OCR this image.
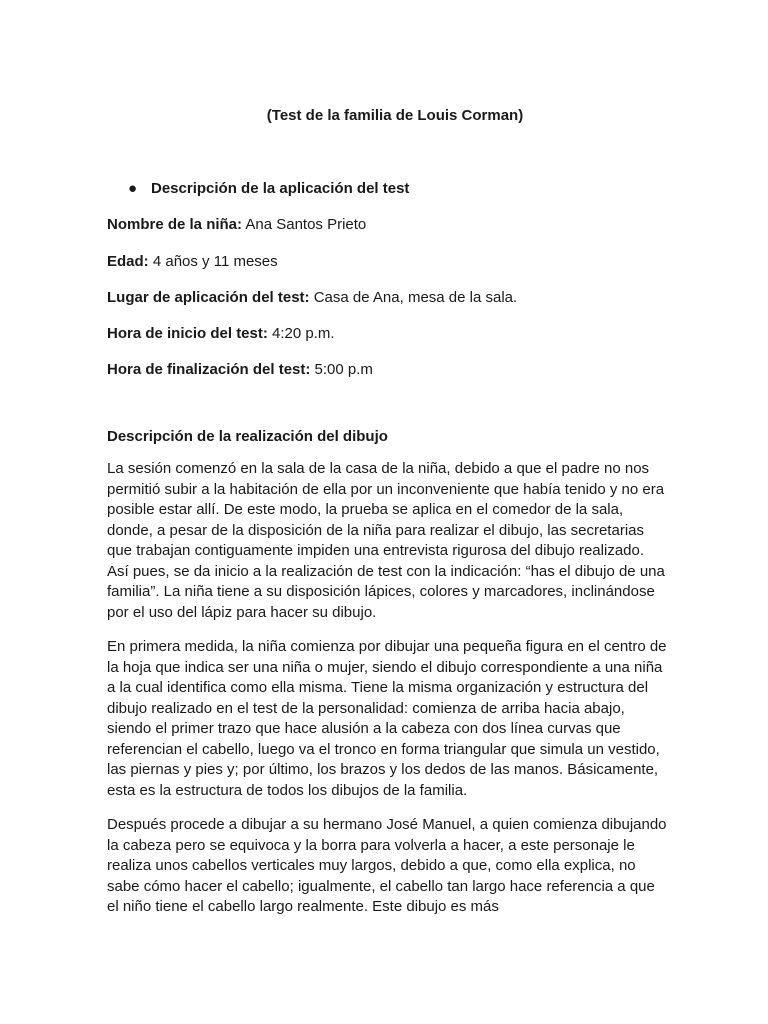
(Test de la familia de Louis Corman)
● Descripción de la aplicación del test
Nombre de la niña: Ana Santos Prieto
Edad: 4 años y 11 meses
Lugar de aplicación del test: Casa de Ana, mesa de la sala.
Hora de inicio del test: 4:20 p.m.
Hora de finalización del test: 5:00 p.m
Descripción de la realización del dibujo

La sesión comenzó en la sala de la casa de la niña, debido a que el padre no nos permitió subir a la habitación de ella por un inconveniente que había tenido y no era posible estar allí. De este modo, la prueba se aplica en el comedor de la sala, donde, a pesar de la disposición de la niña para realizar el dibujo, las secretarias que trabajan contiguamente impiden una entrevista rigurosa del dibujo realizado. Así pues, se da inicio a la realización de test con la indicación: “has el dibujo de una familia”. La niña tiene a su disposición lápices, colores y marcadores, inclinándose por el uso del lápiz para hacer su dibujo.

En primera medida, la niña comienza por dibujar una pequeña figura en el centro de la hoja que indica ser una niña o mujer, siendo el dibujo correspondiente a una niña a la cual identifica como ella misma. Tiene la misma organización y estructura del dibujo realizado en el test de la personalidad: comienza de arriba hacia abajo, siendo el primer trazo que hace alusión a la cabeza con dos línea curvas que referencian el cabello, luego va el tronco en forma triangular que simula un vestido, las piernas y pies y; por último, los brazos y los dedos de las manos. Básicamente, esta es la estructura de todos los dibujos de la familia.

Después procede a dibujar a su hermano José Manuel, a quien comienza dibujando la cabeza pero se equivoca y la borra para volverla a hacer, a este personaje le realiza unos cabellos verticales muy largos, debido a que, como ella explica, no sabe cómo hacer el cabello; igualmente, el cabello tan largo hace referencia a que el niño tiene el cabello largo realmente. Este dibujo es más
